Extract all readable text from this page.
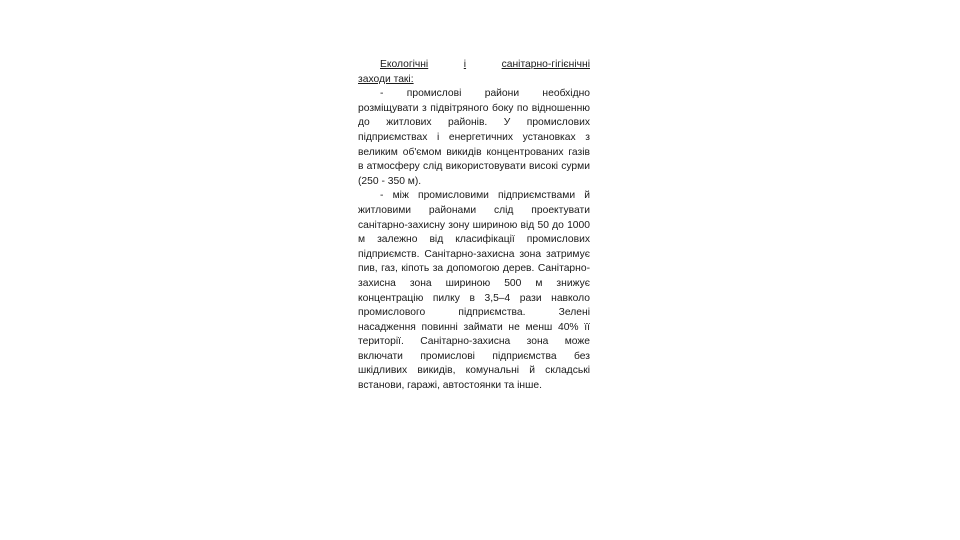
Екологічні	і	санітарно-гігієнічні

заходи такі:

- промислові райони необхідно розміщувати з підвітряного боку по відношенню до житлових районів. У промислових підприємствах і енергетичних установках з великим об'ємом викидів концентрованих газів в атмосферу слід використовувати високі сурми (250 - 350 м).

- між промисловими підприємствами й житловими районами слід проектувати санітарно-захисну зону шириною від 50 до 1000 м залежно від класифікації промислових підприємств. Санітарно-захисна зона затримує пив, газ, кіпоть за допомогою дерев. Санітарно-захисна зона шириною 500 м знижує концентрацію пилку в 3,5–4 рази навколо промислового підприємства. Зелені насадження повинні займати не менш 40% її території. Санітарно-захисна зона може включати промислові підприємства без шкідливих викидів, комунальні й складські встанови, гаражі, автостоянки та інше.
